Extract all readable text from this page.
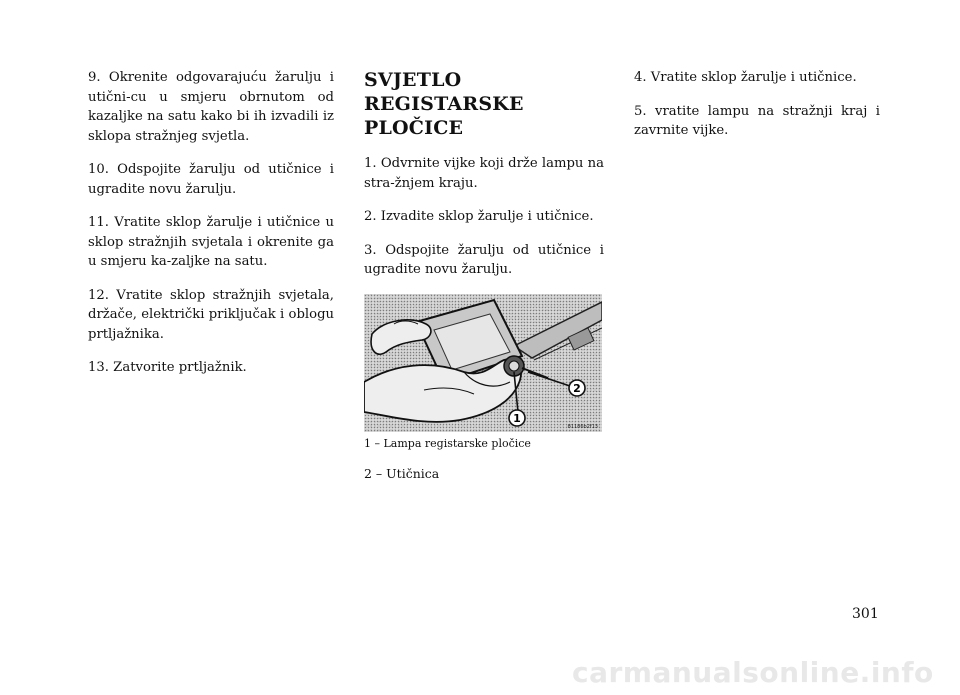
9. Okrenite odgovarajuću žarulju i utični-cu u smjeru obrnutom od kazaljke na satu kako bi ih izvadili iz sklopa stražnjeg svjetla.

10. Odspojite žarulju od utičnice i ugradite novu žarulju.

11. Vratite sklop žarulje i utičnice u sklop stražnjih svjetala i okrenite ga u smjeru ka-zaljke na satu.

12. Vratite sklop stražnjih svjetala, držače, električki priključak i oblogu prtljažnika.

13. Zatvorite prtljažnik.

SVJETLO REGISTARSKE PLOČICE

1. Odvrnite vijke koji drže lampu na stra-žnjem kraju.

2. Izvadite sklop žarulje i utičnice.

3. Odspojite žarulju od utičnice i ugradite novu žarulju.

1
2
81186b2f13

1 – Lampa registarske pločice

2 – Utičnica

4. Vratite sklop žarulje i utičnice.

5. vratite lampu na stražnji kraj i zavrnite vijke.

301
carmanualsonline.info
